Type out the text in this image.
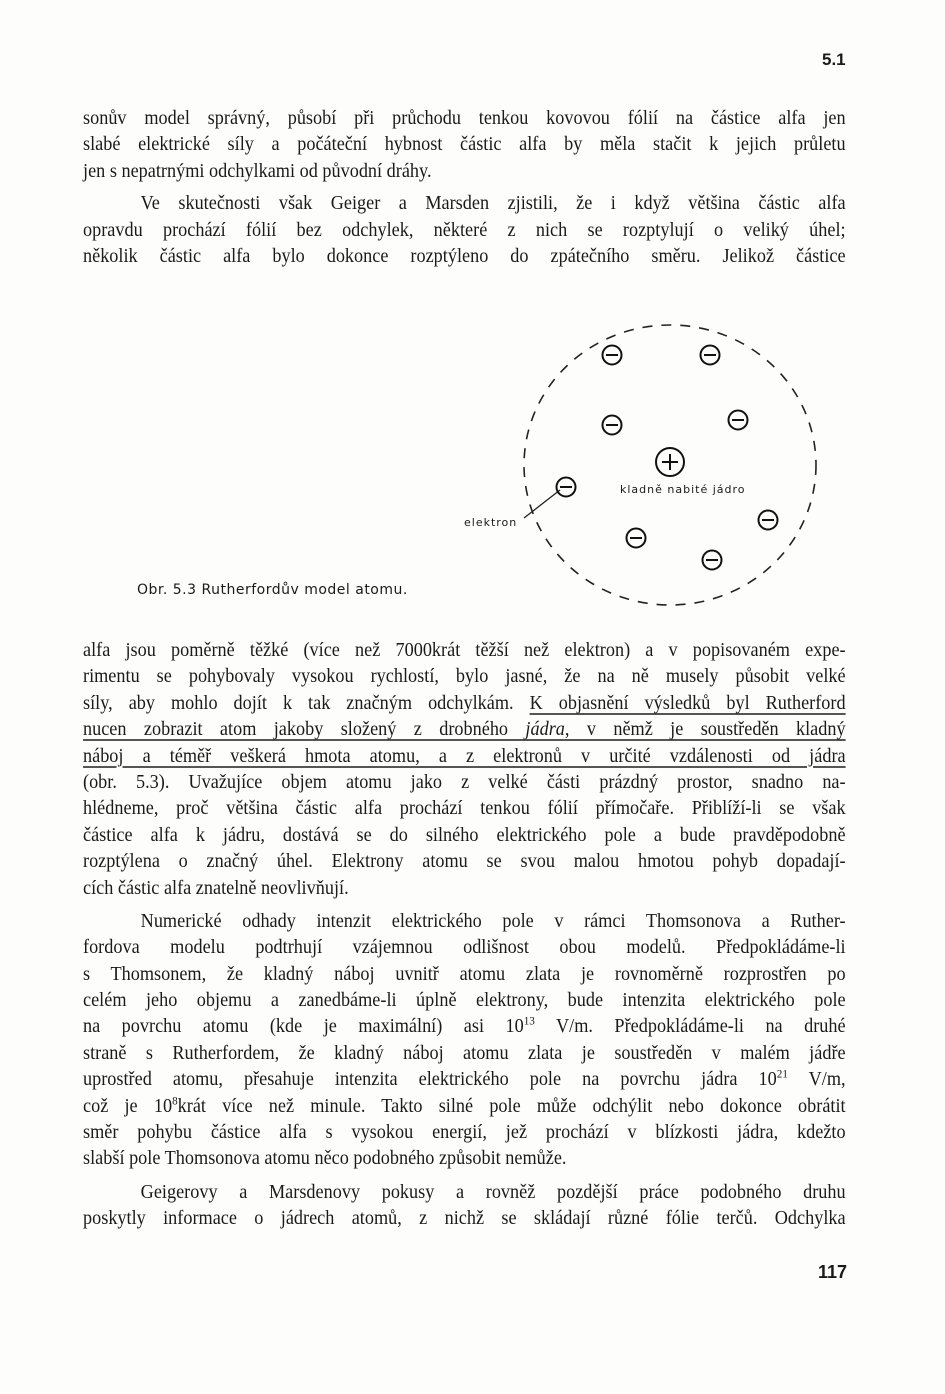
5.1
sonův model správný, působí při průchodu tenkou kovovou fólií na částice alfa jen
slabé elektrické síly a počáteční hybnost částic alfa by měla stačit k jejich průletu
jen s nepatrnými odchylkami od původní dráhy.
Ve skutečnosti však Geiger a Marsden zjistili, že i když většina částic alfa
opravdu prochází fólií bez odchylek, některé z nich se rozptylují o veliký úhel;
několik částic alfa bylo dokonce rozptýleno do zpátečního směru. Jelikož částice
kladně nabité jádro
elektron
Obr. 5.3 Rutherfordův model atomu.
alfa jsou poměrně těžké (více než 7000krát těžší než elektron) a v popisovaném expe-
rimentu se pohybovaly vysokou rychlostí, bylo jasné, že na ně musely působit velké
síly, aby mohlo dojít k tak značným odchylkám. K objasnění výsledků byl Rutherford
nucen zobrazit atom jakoby složený z drobného jádra, v němž je soustředěn kladný
náboj a téměř veškerá hmota atomu, a z elektronů v určité vzdálenosti od jádra
(obr. 5.3). Uvažujíce objem atomu jako z velké části prázdný prostor, snadno na-
hlédneme, proč většina částic alfa prochází tenkou fólií přímočaře. Přiblíží-li se však
částice alfa k jádru, dostává se do silného elektrického pole a bude pravděpodobně
rozptýlena o značný úhel. Elektrony atomu se svou malou hmotou pohyb dopadají-
cích částic alfa znatelně neovlivňují.
Numerické odhady intenzit elektrického pole v rámci Thomsonova a Ruther-
fordova modelu podtrhují vzájemnou odlišnost obou modelů. Předpokládáme-li
s Thomsonem, že kladný náboj uvnitř atomu zlata je rovnoměrně rozprostřen po
celém jeho objemu a zanedbáme-li úplně elektrony, bude intenzita elektrického pole
na povrchu atomu (kde je maximální) asi $10^{13}$ V/m. Předpokládáme-li na druhé
straně s Rutherfordem, že kladný náboj atomu zlata je soustředěn v malém jádře
uprostřed atomu, přesahuje intenzita elektrického pole na povrchu jádra $10^{21}$ V/m,
což je $10^8krát$ více než minule. Takto silné pole může odchýlit nebo dokonce obrátit
směr pohybu částice alfa s vysokou energií, jež prochází v blízkosti jádra, kdežto
slabší pole Thomsonova atomu něco podobného způsobit nemůže.
Geigerovy a Marsdenovy pokusy a rovněž pozdější práce podobného druhu
poskytly informace o jádrech atomů, z nichž se skládají různé fólie terčů. Odchylka
117
